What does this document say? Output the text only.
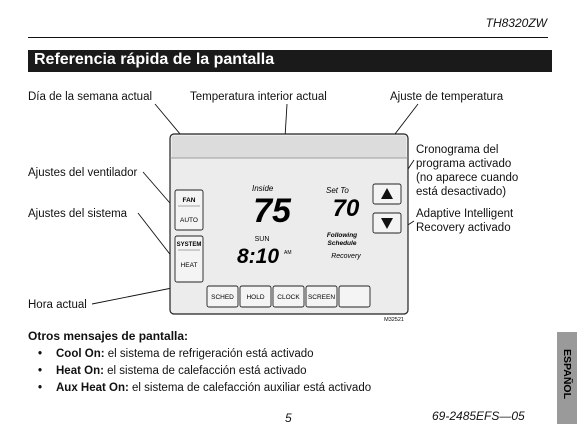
TH8320ZW
Referencia rápida de la pantalla
Día de la semana actual	Temperatura interior actual	Ajuste de temperatura
Ajustes del ventilador
Ajustes del sistema
Hora actual
Cronograma del
programa activado
(no aparece cuando
está desactivado)
Adaptive Intelligent
Recovery activado
FAN
AUTO
SYSTEM
HEAT
Inside
75
Set To
70
SUN
8:10 AM
Following
Schedule
Recovery
SCHED HOLD CLOCK SCREEN
M32521
Otros mensajes de pantalla:
• Cool On: el sistema de refrigeración está activado
• Heat On: el sistema de calefacción está activado
• Aux Heat On: el sistema de calefacción auxiliar está activado	ESPAÑOL
5	69-2485EFS—05
